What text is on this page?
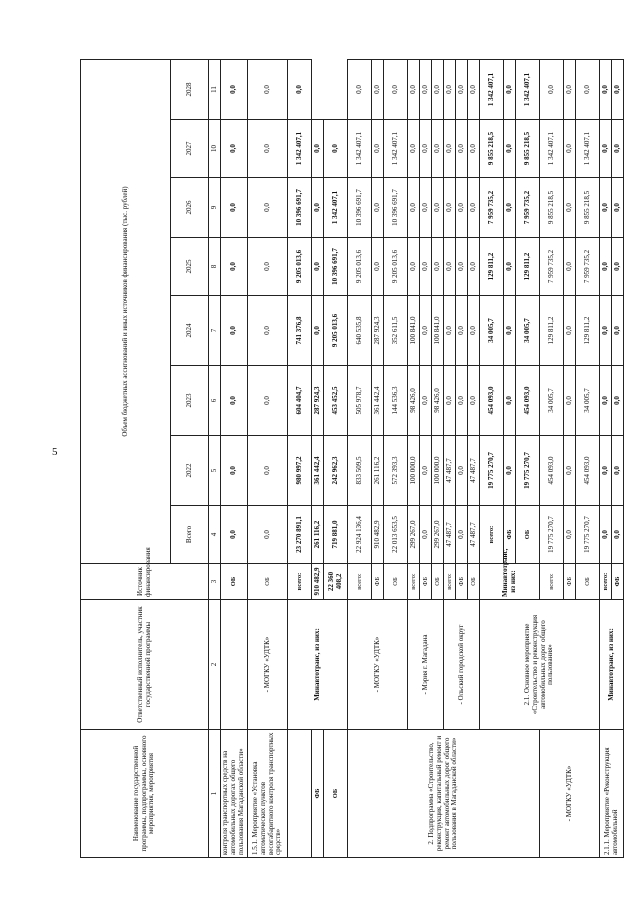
5
Наименование государственной программы, подпрограммы, основного мероприятия, мероприятия	Ответственный исполнитель, участник государственной программы	Источник финансирования	Объем бюджетных ассигнований и иных источников финансирования (тыс. рублей)								
			Всего	2022	2023	2024	2025	2026	2027	2028	
1	2	3	4	5	6	7	8	9	10	11	
контроля транспортных средств на автомобильных дорогах общего пользования Магаданской области»		ОБ	0,0	0,0	0,0	0,0	0,0	0,0	0,0	0,0	
1.5.1. Мероприятие «Установка автоматических пунктов весогабаритного контроля транспортных средств»	- МОГКУ «УДТК»	ОБ	0,0	0,0	0,0	0,0	0,0	0,0	0,0	0,0	
	Минавтотранс, из них:	всего:	23 270 891,1	980 997,2	604 404,7	741 376,8	9 205 013,6	10 396 691,7	1 342 407,1	0,0	
ФБ		910 482,9	261 116,2	361 442,4	287 924,3	0,0	0,0	0,0	0,0		
ОБ		22 360 408,2	719 881,0	242 962,3	453 452,5	9 205 013,6	10 396 691,7	1 342 407,1	0,0		
2. Подпрограмма «Строительство, реконструкция, капитальный ремонт и ремонт автомобильных дорог общего пользования в Магаданской области»	- МОГКУ «УДТК»	всего:	22 924 136,4	833 509,5	505 978,7	640 535,8	9 205 013,6	10 396 691,7	1 342 407,1	0,0	
		ФБ	910 482,9	261 116,2	361 442,4	287 924,3	0,0	0,0	0,0	0,0	
		ОБ	22 013 653,5	572 393,3	144 536,3	352 611,5	9 205 013,6	10 396 691,7	1 342 407,1	0,0	
	- Мэрия г. Магадана	всего:	299 267,0	100 000,0	98 426,0	100 841,0	0,0	0,0	0,0	0,0	
		ФБ	0,0	0,0	0,0	0,0	0,0	0,0	0,0	0,0	
		ОБ	299 267,0	100 000,0	98 426,0	100 841,0	0,0	0,0	0,0	0,0	
	- Ольский городской округ	всего:	47 487,7	47 487,7	0,0	0,0	0,0	0,0	0,0	0,0	
		ФБ	0,0	0,0	0,0	0,0	0,0	0,0	0,0	0,0	
		ОБ	47 487,7	47 487,7	0,0	0,0	0,0	0,0	0,0	0,0	
	2.1. Основное мероприятие «Строительство и реконструкция автомобильных дорог общего пользования»	Минавтотранс, из них:	всего:	19 775 270,7	454 093,0	34 005,7	129 811,2	7 959 735,2	9 855 218,5	1 342 407,1	
			ФБ	0,0	0,0	0,0	0,0	0,0	0,0	0,0	
			ОБ	19 775 270,7	454 093,0	34 005,7	129 811,2	7 959 735,2	9 855 218,5	1 342 407,1	
- МОГКУ «УДТК»		всего:	19 775 270,7	454 093,0	34 005,7	129 811,2	7 959 735,2	9 855 218,5	1 342 407,1	0,0	
		ФБ	0,0	0,0	0,0	0,0	0,0	0,0	0,0	0,0	
		ОБ	19 775 270,7	454 093,0	34 005,7	129 811,2	7 959 735,2	9 855 218,5	1 342 407,1	0,0	
2.1.1. Мероприятие «Реконструкция автомобильной	Минавтотранс, из них:	всего:	0,0	0,0	0,0	0,0	0,0	0,0	0,0	0,0	
		ФБ	0,0	0,0	0,0	0,0	0,0	0,0	0,0	0,0	
